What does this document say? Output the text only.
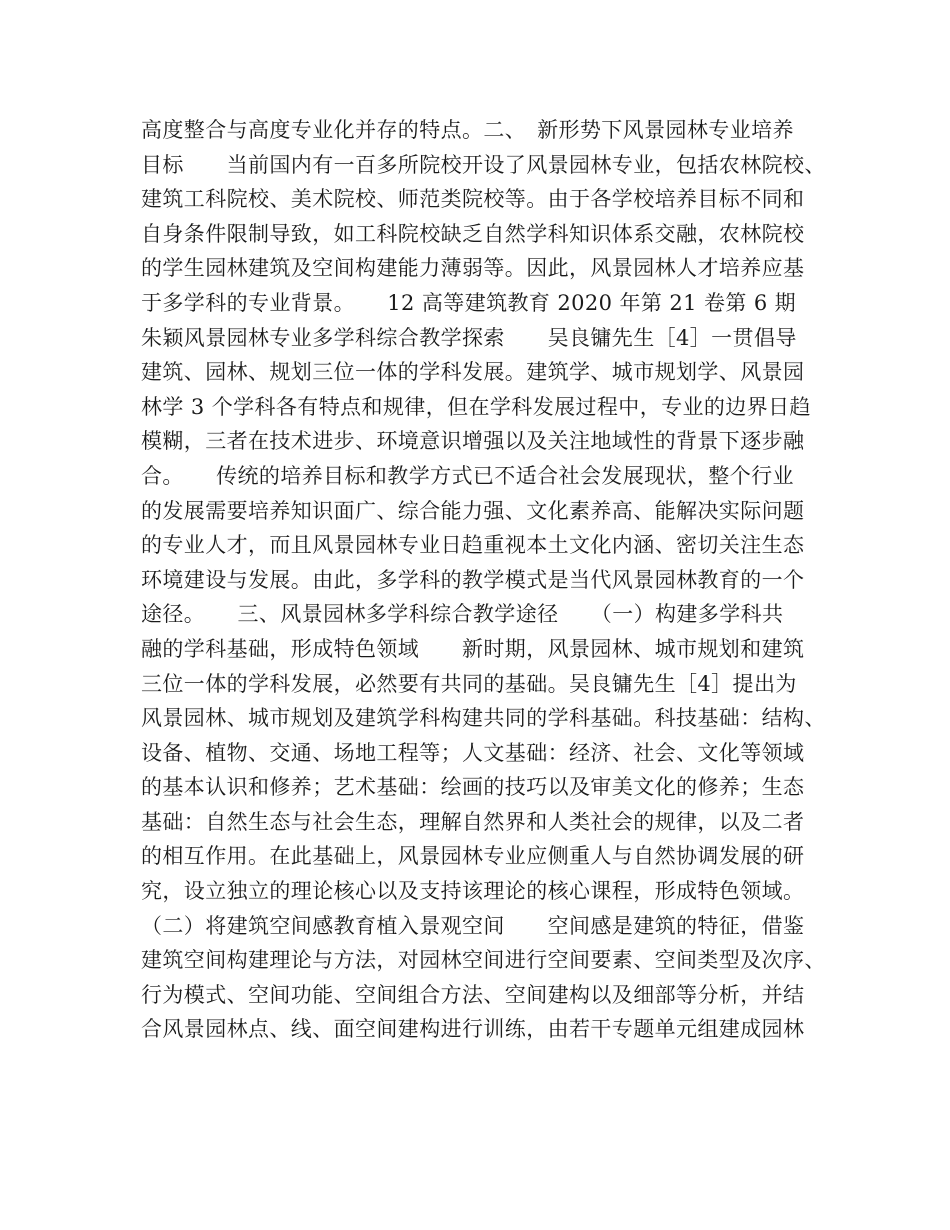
高度整合与高度专业化并存的特点。二、　新形势下风景园林专业培养
目标　　当前国内有一百多所院校开设了风景园林专业，包括农林院校、
建筑工科院校、美术院校、师范类院校等。由于各学校培养目标不同和
自身条件限制导致，如工科院校缺乏自然学科知识体系交融，农林院校
的学生园林建筑及空间构建能力薄弱等。因此，风景园林人才培养应基
于多学科的专业背景。　　12 高等建筑教育 2020 年第 21 卷第 6 期
朱颖风景园林专业多学科综合教学探索　　吴良镛先生［4］一贯倡导
建筑、园林、规划三位一体的学科发展。建筑学、城市规划学、风景园
林学 3 个学科各有特点和规律，但在学科发展过程中，专业的边界日趋
模糊，三者在技术进步、环境意识增强以及关注地域性的背景下逐步融
合。　　传统的培养目标和教学方式已不适合社会发展现状，整个行业
的发展需要培养知识面广、综合能力强、文化素养高、能解决实际问题
的专业人才，而且风景园林专业日趋重视本土文化内涵、密切关注生态
环境建设与发展。由此，多学科的教学模式是当代风景园林教育的一个
途径。　　三、风景园林多学科综合教学途径　　（一）构建多学科共
融的学科基础，形成特色领域　　新时期，风景园林、城市规划和建筑
三位一体的学科发展，必然要有共同的基础。吴良镛先生［4］提出为
风景园林、城市规划及建筑学科构建共同的学科基础。科技基础：结构、
设备、植物、交通、场地工程等；人文基础：经济、社会、文化等领域
的基本认识和修养；艺术基础：绘画的技巧以及审美文化的修养；生态
基础：自然生态与社会生态，理解自然界和人类社会的规律，以及二者
的相互作用。在此基础上，风景园林专业应侧重人与自然协调发展的研
究，设立独立的理论核心以及支持该理论的核心课程，形成特色领域。
（二）将建筑空间感教育植入景观空间　　空间感是建筑的特征，借鉴
建筑空间构建理论与方法，对园林空间进行空间要素、空间类型及次序、
行为模式、空间功能、空间组合方法、空间建构以及细部等分析，并结
合风景园林点、线、面空间建构进行训练，由若干专题单元组建成园林
